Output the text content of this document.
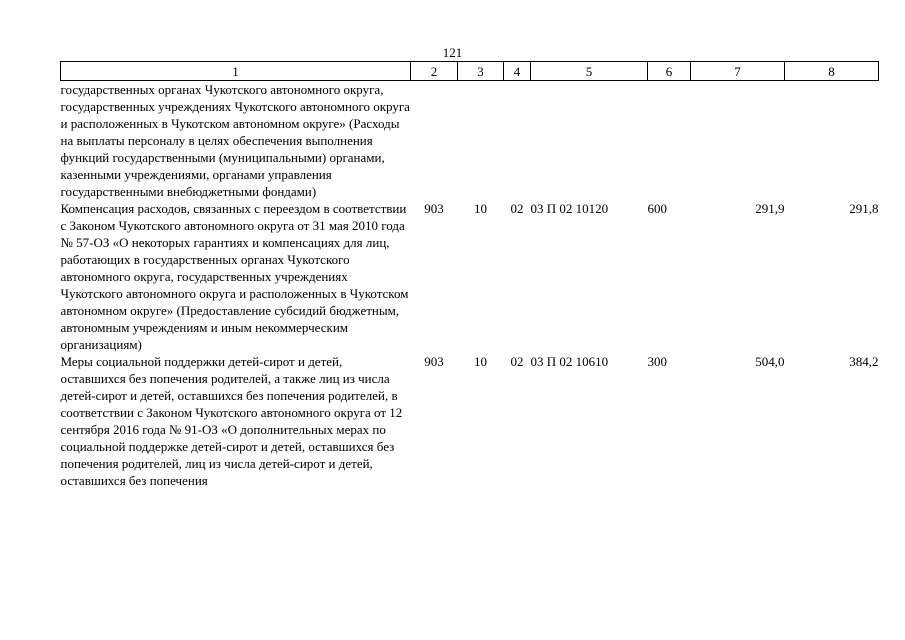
121
1	2	3	4	5	6	7	8
государственных органах Чукотского автономного округа, государственных учреждениях Чукотского автономного округа и расположенных в Чукотском автономном округе» (Расходы на выплаты персоналу в целях обеспечения выполнения функций государственными (муниципальными) органами, казенными учреждениями, органами управления государственными внебюджетными фондами)							
Компенсация расходов, связанных с переездом в соответствии с Законом Чукотского автономного округа от 31 мая 2010 года № 57-ОЗ «О некоторых гарантиях и компенсациях для лиц, работающих в государственных органах Чукотского автономного округа, государственных учреждениях Чукотского автономного округа и расположенных в Чукотском автономном округе» (Предоставление субсидий бюджетным, автономным учреждениям и иным некоммерческим организациям)	903	10	02	03 П 02 10120	600	291,9	291,8
Меры социальной поддержки детей-сирот и детей, оставшихся без попечения родителей, а также лиц из числа детей-сирот и детей, оставшихся без попечения родителей, в соответствии с Законом Чукотского автономного округа от 12 сентября 2016 года № 91-ОЗ «О дополнительных мерах по социальной поддержке детей-сирот и детей, оставшихся без попечения родителей, лиц из числа детей-сирот и детей, оставшихся без попечения	903	10	02	03 П 02 10610	300	504,0	384,2
